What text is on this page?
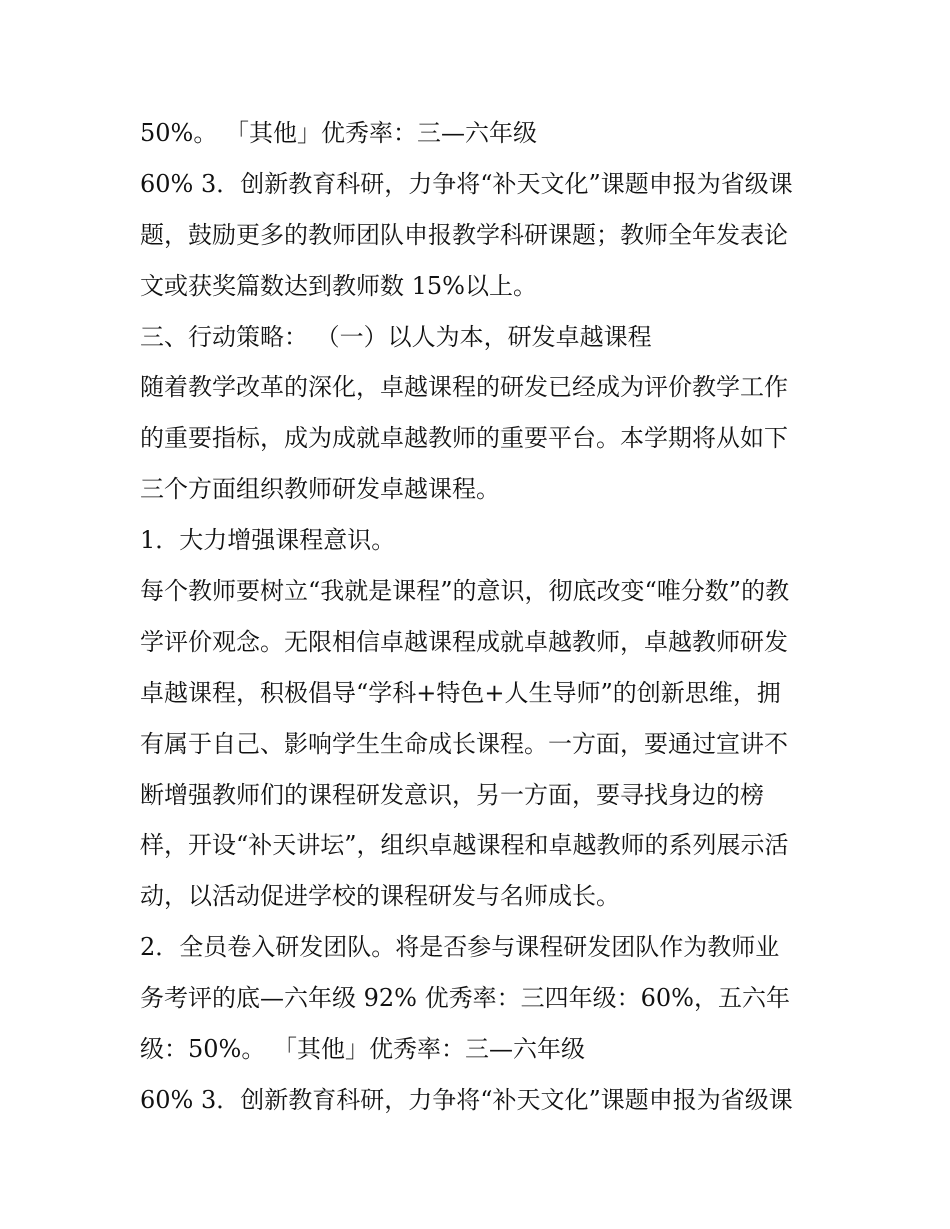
50%。 「其他」优秀率：三—六年级
60% 3．创新教育科研，力争将“补天文化”课题申报为省级课
题，鼓励更多的教师团队申报教学科研课题；教师全年发表论
文或获奖篇数达到教师数 15%以上。
三、行动策略： （一）以人为本，研发卓越课程
随着教学改革的深化，卓越课程的研发已经成为评价教学工作
的重要指标，成为成就卓越教师的重要平台。本学期将从如下
三个方面组织教师研发卓越课程。
1．大力增强课程意识。
每个教师要树立“我就是课程”的意识，彻底改变“唯分数”的教
学评价观念。无限相信卓越课程成就卓越教师，卓越教师研发
卓越课程，积极倡导“学科+特色+人生导师”的创新思维，拥
有属于自己、影响学生生命成长课程。一方面，要通过宣讲不
断增强教师们的课程研发意识，另一方面，要寻找身边的榜
样，开设“补天讲坛”，组织卓越课程和卓越教师的系列展示活
动，以活动促进学校的课程研发与名师成长。
2．全员卷入研发团队。将是否参与课程研发团队作为教师业
务考评的底—六年级 92% 优秀率：三四年级：60%，五六年
级：50%。 「其他」优秀率：三—六年级
60% 3．创新教育科研，力争将“补天文化”课题申报为省级课
